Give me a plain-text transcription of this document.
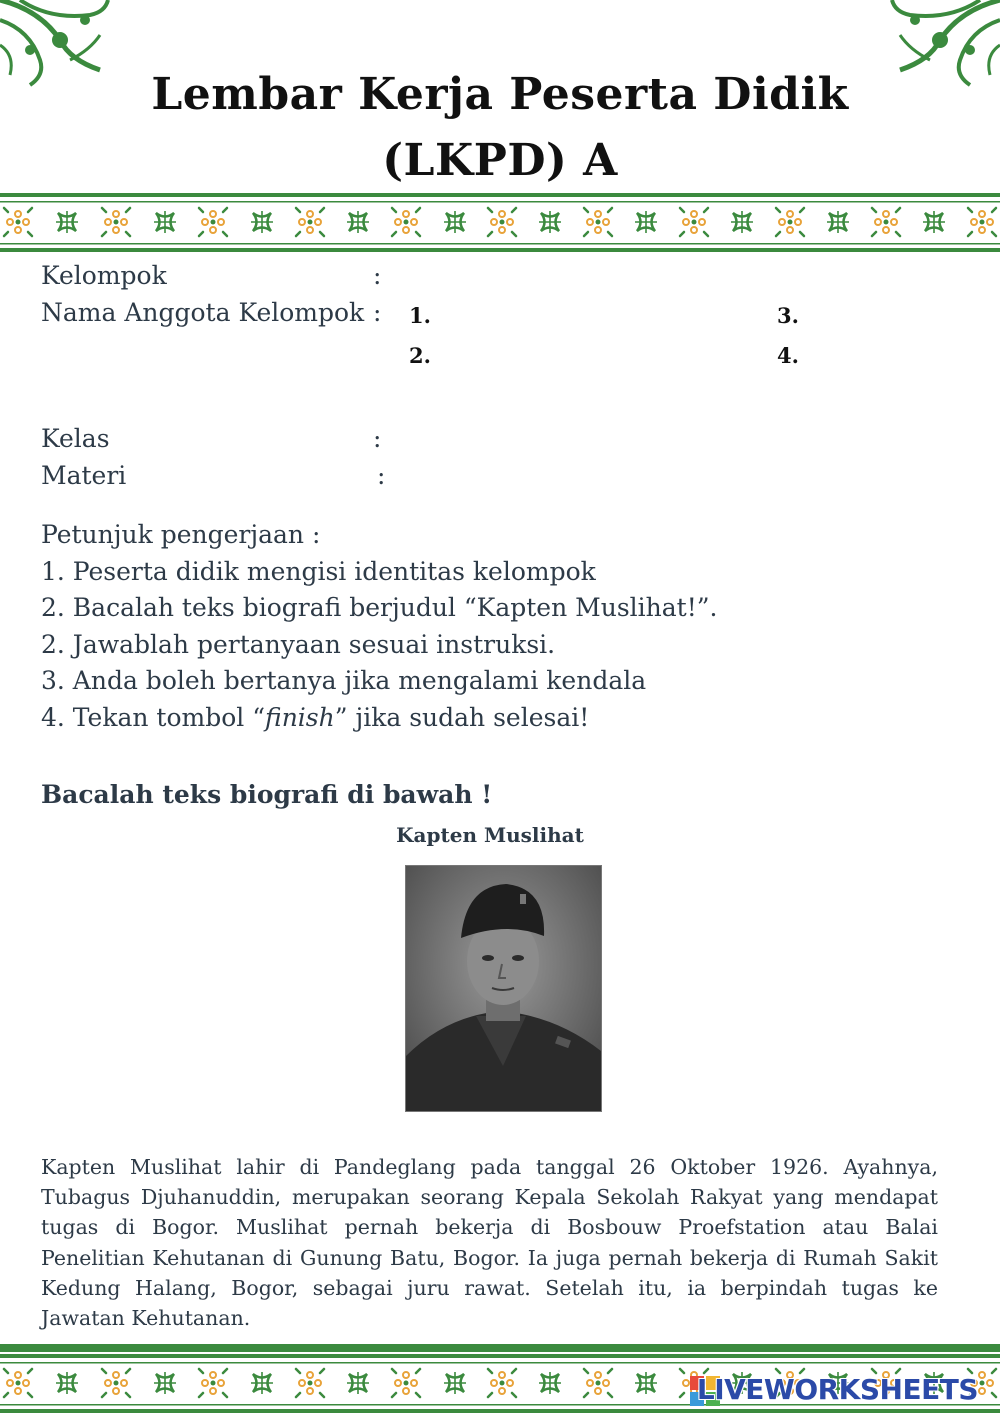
Lembar Kerja Peserta Didik
(LKPD) A
Kelompok	:
Nama Anggota Kelompok : 1.
2.
3.
4.
Kelas	:
Materi	:
Petunjuk pengerjaan :
1. Peserta didik mengisi identitas kelompok
2. Bacalah teks biografi berjudul “Kapten Muslihat!”.
2. Jawablah pertanyaan sesuai instruksi.
3. Anda boleh bertanya jika mengalami kendala
4. Tekan tombol “finish” jika sudah selesai!
Bacalah teks biografi di bawah !
Kapten Muslihat
Kapten Muslihat lahir di Pandeglang pada tanggal 26 Oktober 1926. Ayahnya, Tubagus Djuhanuddin, merupakan seorang Kepala Sekolah Rakyat yang mendapat tugas di Bogor. Muslihat pernah bekerja di Bosbouw Proefstation atau Balai Penelitian Kehutanan di Gunung Batu, Bogor. Ia juga pernah bekerja di Rumah Sakit Kedung Halang, Bogor, sebagai juru rawat. Setelah itu, ia berpindah tugas ke Jawatan Kehutanan.
LIVEWORKSHEETS
